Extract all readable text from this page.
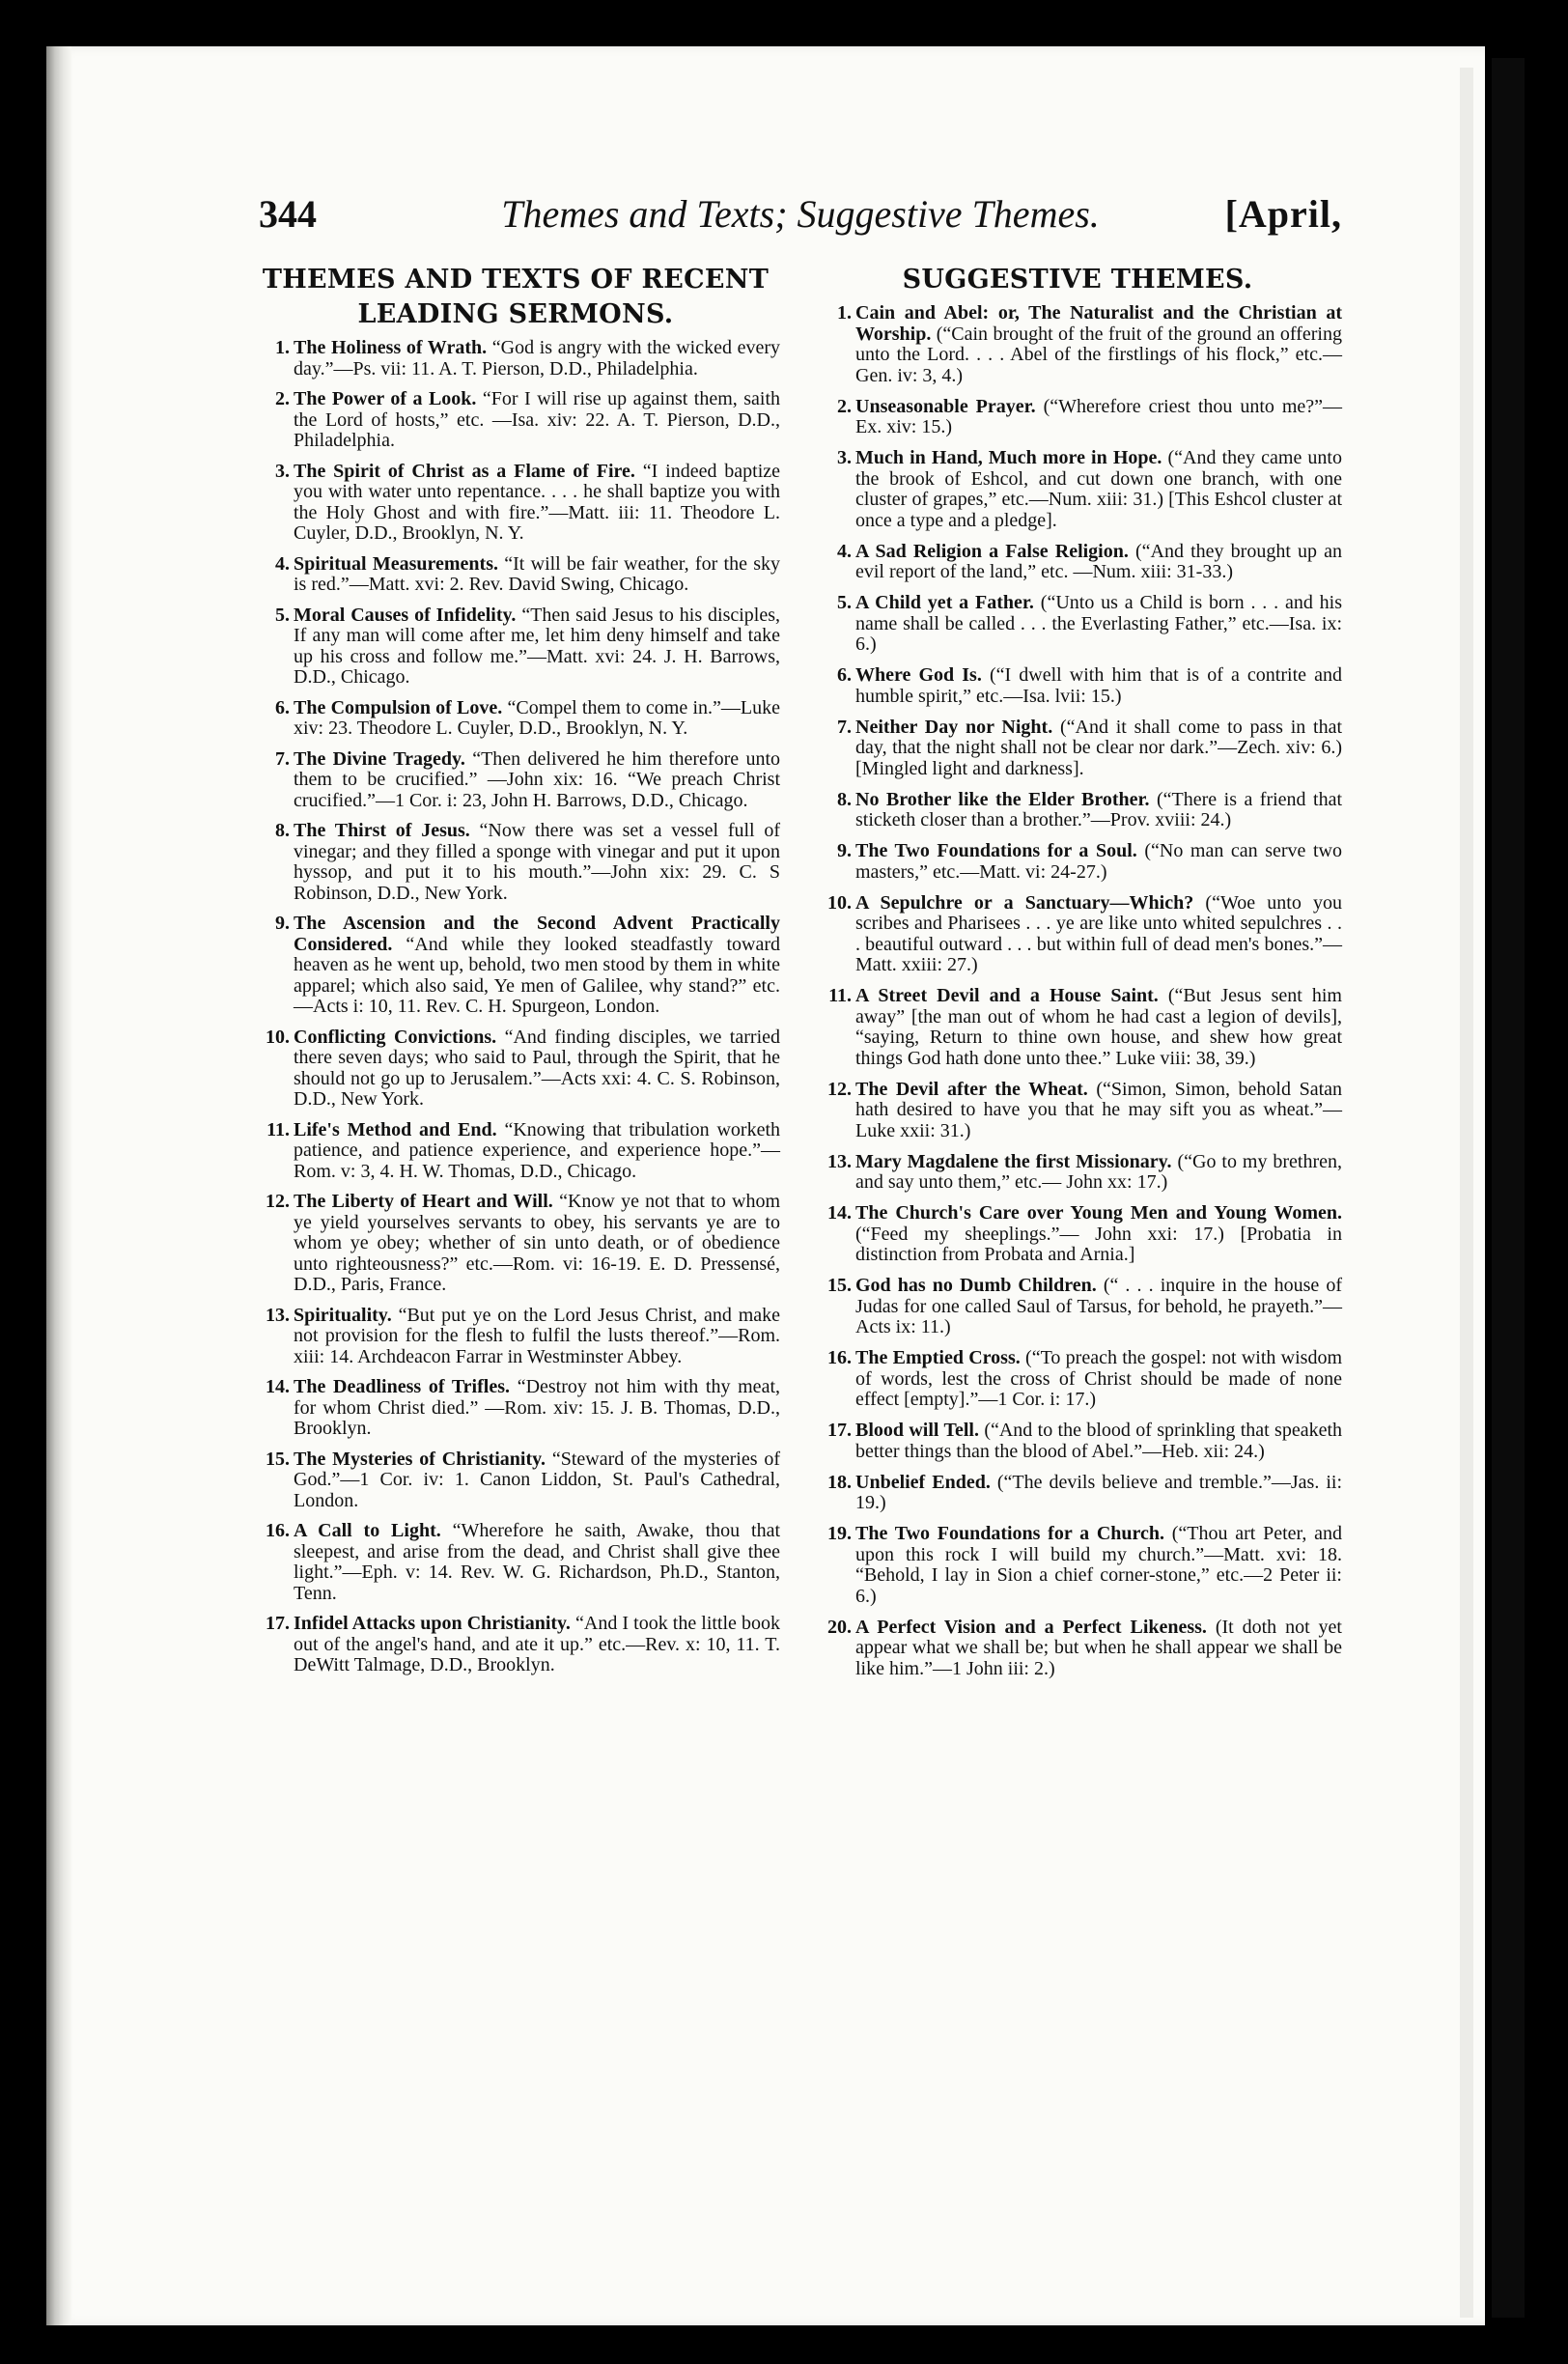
344	Themes and Texts; Suggestive Themes.	[April,
THEMES AND TEXTS OF RECENT LEADING SERMONS.
1. The Holiness of Wrath. “God is angry with the wicked every day.”—Ps. vii: 11. A. T. Pierson, D.D., Philadelphia.
2. The Power of a Look. “For I will rise up against them, saith the Lord of hosts,” etc. —Isa. xiv: 22. A. T. Pierson, D.D., Philadelphia.
3. The Spirit of Christ as a Flame of Fire. “I indeed baptize you with water unto repentance. . . . he shall baptize you with the Holy Ghost and with fire.”—Matt. iii: 11. Theodore L. Cuyler, D.D., Brooklyn, N. Y.
4. Spiritual Measurements. “It will be fair weather, for the sky is red.”—Matt. xvi: 2. Rev. David Swing, Chicago.
5. Moral Causes of Infidelity. “Then said Jesus to his disciples, If any man will come after me, let him deny himself and take up his cross and follow me.”—Matt. xvi: 24. J. H. Barrows, D.D., Chicago.
6. The Compulsion of Love. “Compel them to come in.”—Luke xiv: 23. Theodore L. Cuyler, D.D., Brooklyn, N. Y.
7. The Divine Tragedy. “Then delivered he him therefore unto them to be crucified.” —John xix: 16. “We preach Christ crucified.”—1 Cor. i: 23, John H. Barrows, D.D., Chicago.
8. The Thirst of Jesus. “Now there was set a vessel full of vinegar; and they filled a sponge with vinegar and put it upon hyssop, and put it to his mouth.”—John xix: 29. C. S Robinson, D.D., New York.
9. The Ascension and the Second Advent Practically Considered. “And while they looked steadfastly toward heaven as he went up, behold, two men stood by them in white apparel; which also said, Ye men of Galilee, why stand?” etc.—Acts i: 10, 11. Rev. C. H. Spurgeon, London.
10. Conflicting Convictions. “And finding disciples, we tarried there seven days; who said to Paul, through the Spirit, that he should not go up to Jerusalem.”—Acts xxi: 4. C. S. Robinson, D.D., New York.
11. Life's Method and End. “Knowing that tribulation worketh patience, and patience experience, and experience hope.”—Rom. v: 3, 4. H. W. Thomas, D.D., Chicago.
12. The Liberty of Heart and Will. “Know ye not that to whom ye yield yourselves servants to obey, his servants ye are to whom ye obey; whether of sin unto death, or of obedience unto righteousness?” etc.—Rom. vi: 16-19. E. D. Pressensé, D.D., Paris, France.
13. Spirituality. “But put ye on the Lord Jesus Christ, and make not provision for the flesh to fulfil the lusts thereof.”—Rom. xiii: 14. Archdeacon Farrar in Westminster Abbey.
14. The Deadliness of Trifles. “Destroy not him with thy meat, for whom Christ died.” —Rom. xiv: 15. J. B. Thomas, D.D., Brooklyn.
15. The Mysteries of Christianity. “Steward of the mysteries of God.”—1 Cor. iv: 1. Canon Liddon, St. Paul's Cathedral, London.
16. A Call to Light. “Wherefore he saith, Awake, thou that sleepest, and arise from the dead, and Christ shall give thee light.”—Eph. v: 14. Rev. W. G. Richardson, Ph.D., Stanton, Tenn.
17. Infidel Attacks upon Christianity. “And I took the little book out of the angel's hand, and ate it up.” etc.—Rev. x: 10, 11. T. DeWitt Talmage, D.D., Brooklyn.
SUGGESTIVE THEMES.
1. Cain and Abel: or, The Naturalist and the Christian at Worship. (“Cain brought of the fruit of the ground an offering unto the Lord. . . . Abel of the firstlings of his flock,” etc.—Gen. iv: 3, 4.)
2. Unseasonable Prayer. (“Wherefore criest thou unto me?”—Ex. xiv: 15.)
3. Much in Hand, Much more in Hope. (“And they came unto the brook of Eshcol, and cut down one branch, with one cluster of grapes,” etc.—Num. xiii: 31.) [This Eshcol cluster at once a type and a pledge].
4. A Sad Religion a False Religion. (“And they brought up an evil report of the land,” etc. —Num. xiii: 31-33.)
5. A Child yet a Father. (“Unto us a Child is born . . . and his name shall be called . . . the Everlasting Father,” etc.—Isa. ix: 6.)
6. Where God Is. (“I dwell with him that is of a contrite and humble spirit,” etc.—Isa. lvii: 15.)
7. Neither Day nor Night. (“And it shall come to pass in that day, that the night shall not be clear nor dark.”—Zech. xiv: 6.) [Mingled light and darkness].
8. No Brother like the Elder Brother. (“There is a friend that sticketh closer than a brother.”—Prov. xviii: 24.)
9. The Two Foundations for a Soul. (“No man can serve two masters,” etc.—Matt. vi: 24-27.)
10. A Sepulchre or a Sanctuary—Which? (“Woe unto you scribes and Pharisees . . . ye are like unto whited sepulchres . . . beautiful outward . . . but within full of dead men's bones.”—Matt. xxiii: 27.)
11. A Street Devil and a House Saint. (“But Jesus sent him away” [the man out of whom he had cast a legion of devils], “saying, Return to thine own house, and shew how great things God hath done unto thee.” Luke viii: 38, 39.)
12. The Devil after the Wheat. (“Simon, Simon, behold Satan hath desired to have you that he may sift you as wheat.”—Luke xxii: 31.)
13. Mary Magdalene the first Missionary. (“Go to my brethren, and say unto them,” etc.— John xx: 17.)
14. The Church's Care over Young Men and Young Women. (“Feed my sheeplings.”— John xxi: 17.) [Probatia in distinction from Probata and Arnia.]
15. God has no Dumb Children. (“ . . . inquire in the house of Judas for one called Saul of Tarsus, for behold, he prayeth.”—Acts ix: 11.)
16. The Emptied Cross. (“To preach the gospel: not with wisdom of words, lest the cross of Christ should be made of none effect [empty].”—1 Cor. i: 17.)
17. Blood will Tell. (“And to the blood of sprinkling that speaketh better things than the blood of Abel.”—Heb. xii: 24.)
18. Unbelief Ended. (“The devils believe and tremble.”—Jas. ii: 19.)
19. The Two Foundations for a Church. (“Thou art Peter, and upon this rock I will build my church.”—Matt. xvi: 18. “Behold, I lay in Sion a chief corner-stone,” etc.—2 Peter ii: 6.)
20. A Perfect Vision and a Perfect Likeness. (It doth not yet appear what we shall be; but when he shall appear we shall be like him.”—1 John iii: 2.)
